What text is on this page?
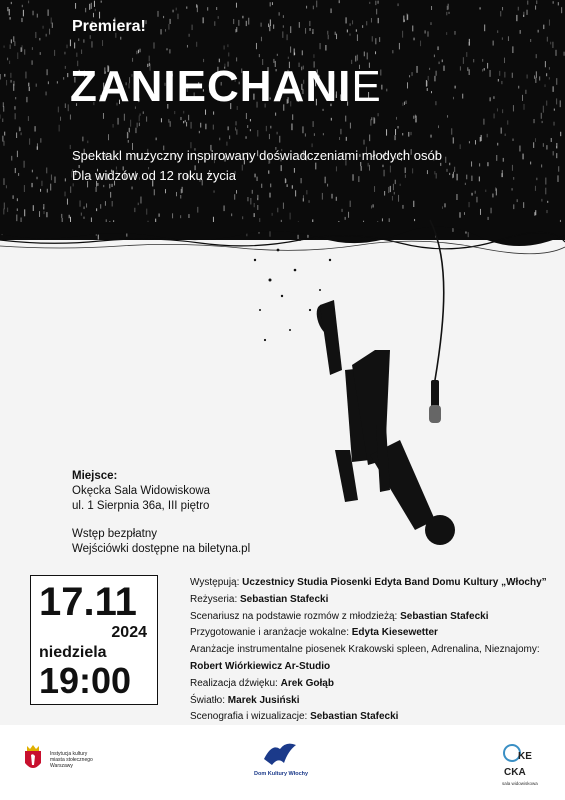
Premiera!
ZANIECHANIE
Spektakl muzyczny inspirowany doświadczeniami młodych osób
Dla widzów od 12 roku życia
Miejsce:
Okęcka Sala Widowiskowa
ul. 1 Sierpnia 36a, III piętro
Wstęp bezpłatny
Wejściówki dostępne na biletyna.pl
17.11
2024
niedziela
19:00
Występują: Uczestnicy Studia Piosenki Edyta Band Domu Kultury „Włochy”
Reżyseria: Sebastian Stafecki
Scenariusz na podstawie rozmów z młodzieżą: Sebastian Stafecki
Przygotowanie i aranżacje wokalne: Edyta Kiesewetter
Aranżacje instrumentalne piosenek Krakowski spleen, Adrenalina, Nieznajomy:
Robert Wiórkiewicz Ar-Studio
Realizacja dźwięku: Arek Gołąb
Światło: Marek Jusiński
Scenografia i wizualizacje: Sebastian Stafecki
Instytucja kultury miasta stołecznego Warszawy
Dom Kultury Włochy
KE
CKA
sala widowiskowa
